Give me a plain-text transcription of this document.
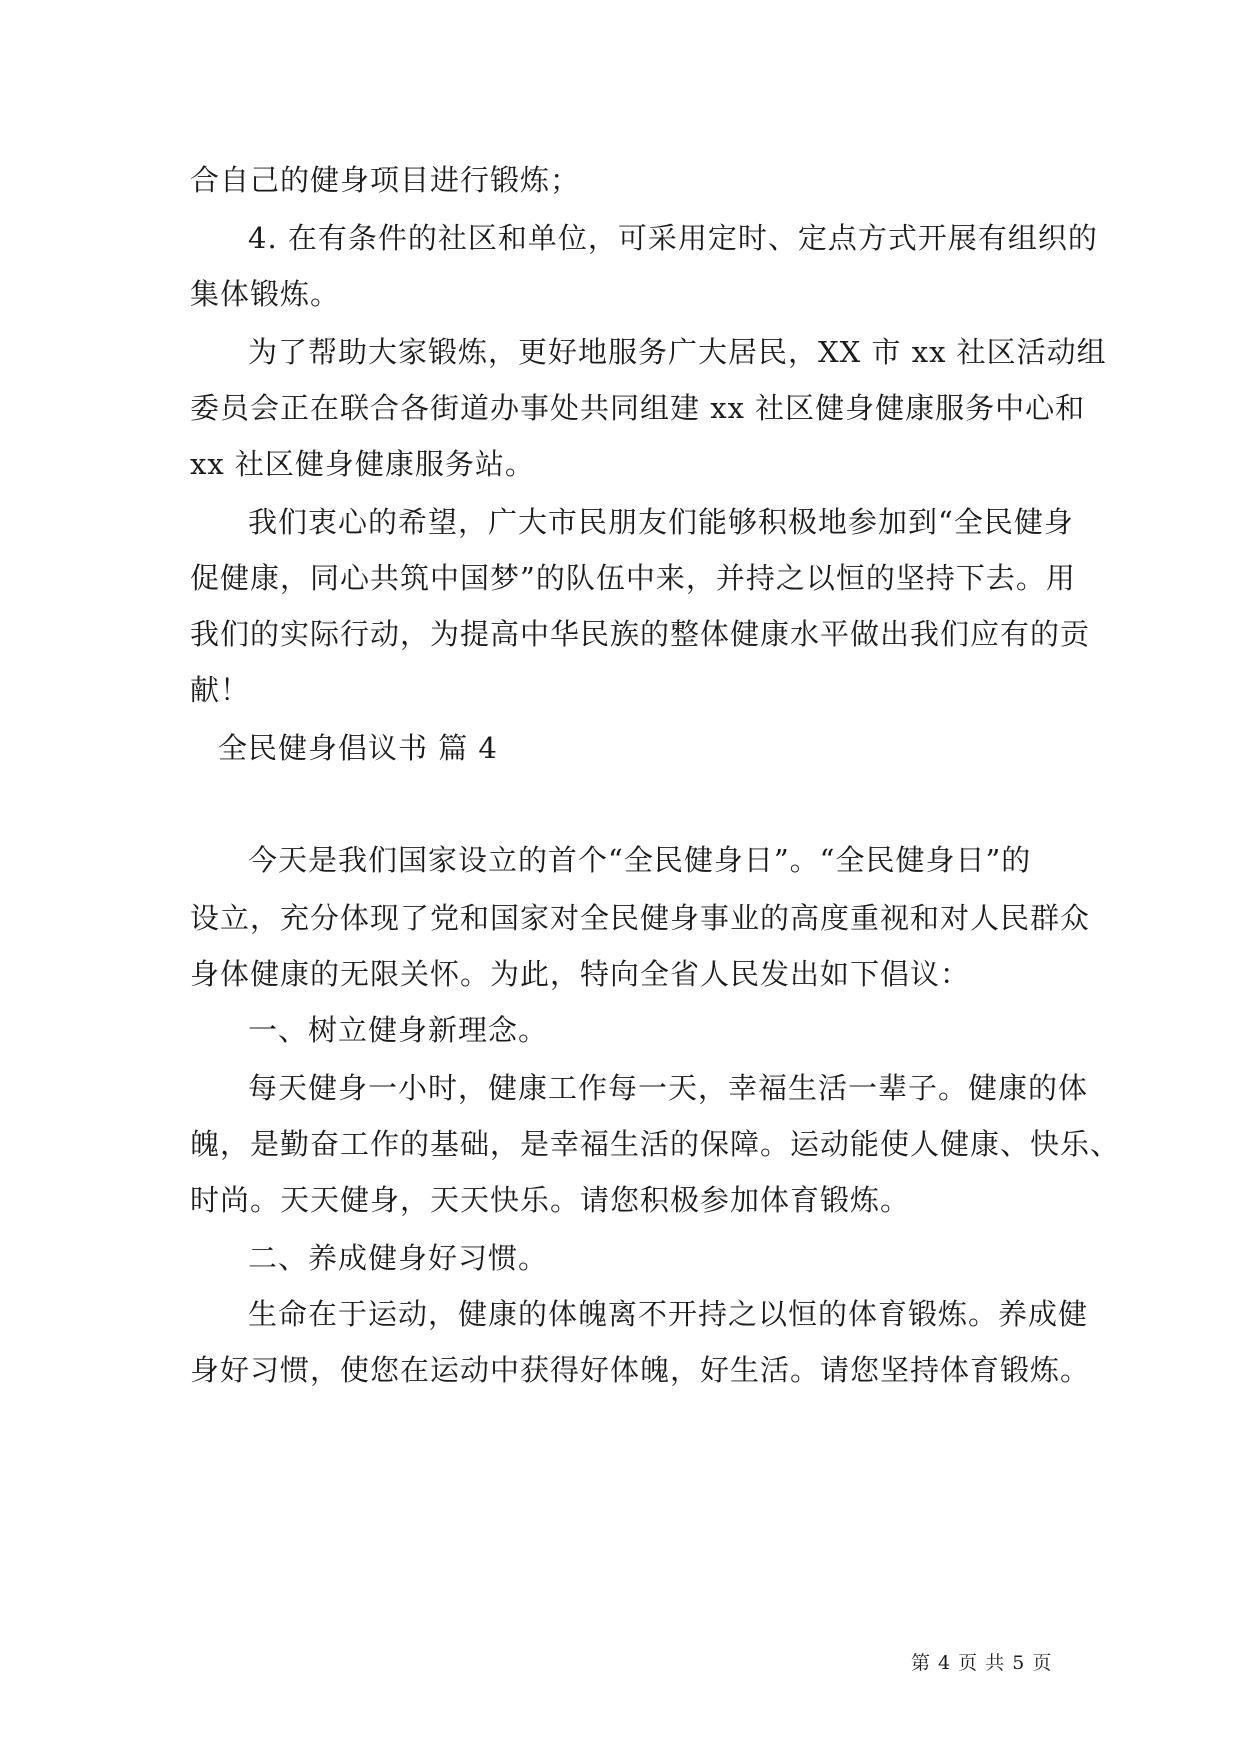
合自己的健身项目进行锻炼；
4. 在有条件的社区和单位，可采用定时、定点方式开展有组织的
集体锻炼。
为了帮助大家锻炼，更好地服务广大居民，XX 市 xx 社区活动组
委员会正在联合各街道办事处共同组建 xx 社区健身健康服务中心和
xx 社区健身健康服务站。
我们衷心的希望，广大市民朋友们能够积极地参加到“全民健身
促健康，同心共筑中国梦”的队伍中来，并持之以恒的坚持下去。用
我们的实际行动，为提高中华民族的整体健康水平做出我们应有的贡
献！
全民健身倡议书 篇 4
今天是我们国家设立的首个“全民健身日”。“全民健身日”的
设立，充分体现了党和国家对全民健身事业的高度重视和对人民群众
身体健康的无限关怀。为此，特向全省人民发出如下倡议：
一、树立健身新理念。
每天健身一小时，健康工作每一天，幸福生活一辈子。健康的体
魄，是勤奋工作的基础，是幸福生活的保障。运动能使人健康、快乐、
时尚。天天健身，天天快乐。请您积极参加体育锻炼。
二、养成健身好习惯。
生命在于运动，健康的体魄离不开持之以恒的体育锻炼。养成健
身好习惯，使您在运动中获得好体魄，好生活。请您坚持体育锻炼。
第 4 页 共 5 页
